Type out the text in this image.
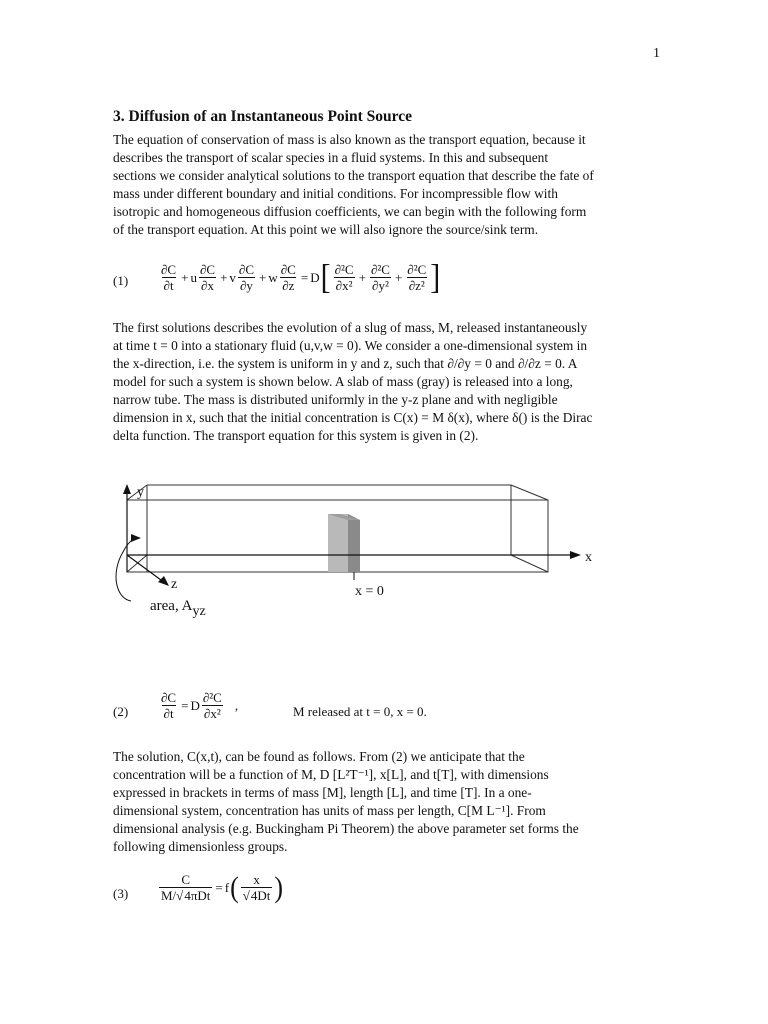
1
3. Diffusion of an Instantaneous Point Source
The equation of conservation of mass is also known as the transport equation, because it
describes the transport of scalar species in a fluid systems. In this and subsequent
sections we consider analytical solutions to the transport equation that describe the fate of
mass under different boundary and initial conditions. For incompressible flow with
isotropic and homogeneous diffusion coefficients, we can begin with the following form
of the transport equation. At this point we will also ignore the source/sink term.
$(1) \frac{\partial C}{\partial t} + u \frac{\partial C}{\partial x} + v \frac{\partial C}{\partial y} + w \frac{\partial C}{\partial z} = D$ [ $\frac{\text{∂²C}}{\text{∂x²}} + \frac{\text{∂²C}}{\text{∂y²}} + \frac{\text{∂²C}}{\text{∂z²}}$ ]
The first solutions describes the evolution of a slug of mass, M, released instantaneously
at time t = 0 into a stationary fluid (u,v,w = 0). We consider a one-dimensional system in
the x-direction, i.e. the system is uniform in y and z, such that ∂/∂y = 0 and ∂/∂z = 0. A
model for such a system is shown below. A slab of mass (gray) is released into a long,
narrow tube. The mass is distributed uniformly in the y-z plane and with negligible
dimension in x, such that the initial concentration is C(x) = M δ(x), where δ() is the Dirac
delta function. The transport equation for this system is given in (2).
y
x
z	x = 0
area, Ayz
$(2) \frac{\partial C}{\partial t} = D \frac{\text{∂²C}}{\text{∂x²}}$ ,	M released at t = 0, x = 0.
The solution, C(x,t), can be found as follows. From (2) we anticipate that the
concentration will be a function of M, D [L²T⁻¹], x[L], and t[T], with dimensions
expressed in brackets in terms of mass [M], length [L], and time [T]. In a one-
dimensional system, concentration has units of mass per length, C[M L⁻¹]. From
dimensional analysis (e.g. Buckingham Pi Theorem) the above parameter set forms the
following dimensionless groups.
$(3) \frac{C}{\text{M/√4πDt}} = f$ ( $\frac{x}{√4Dt}$ )
